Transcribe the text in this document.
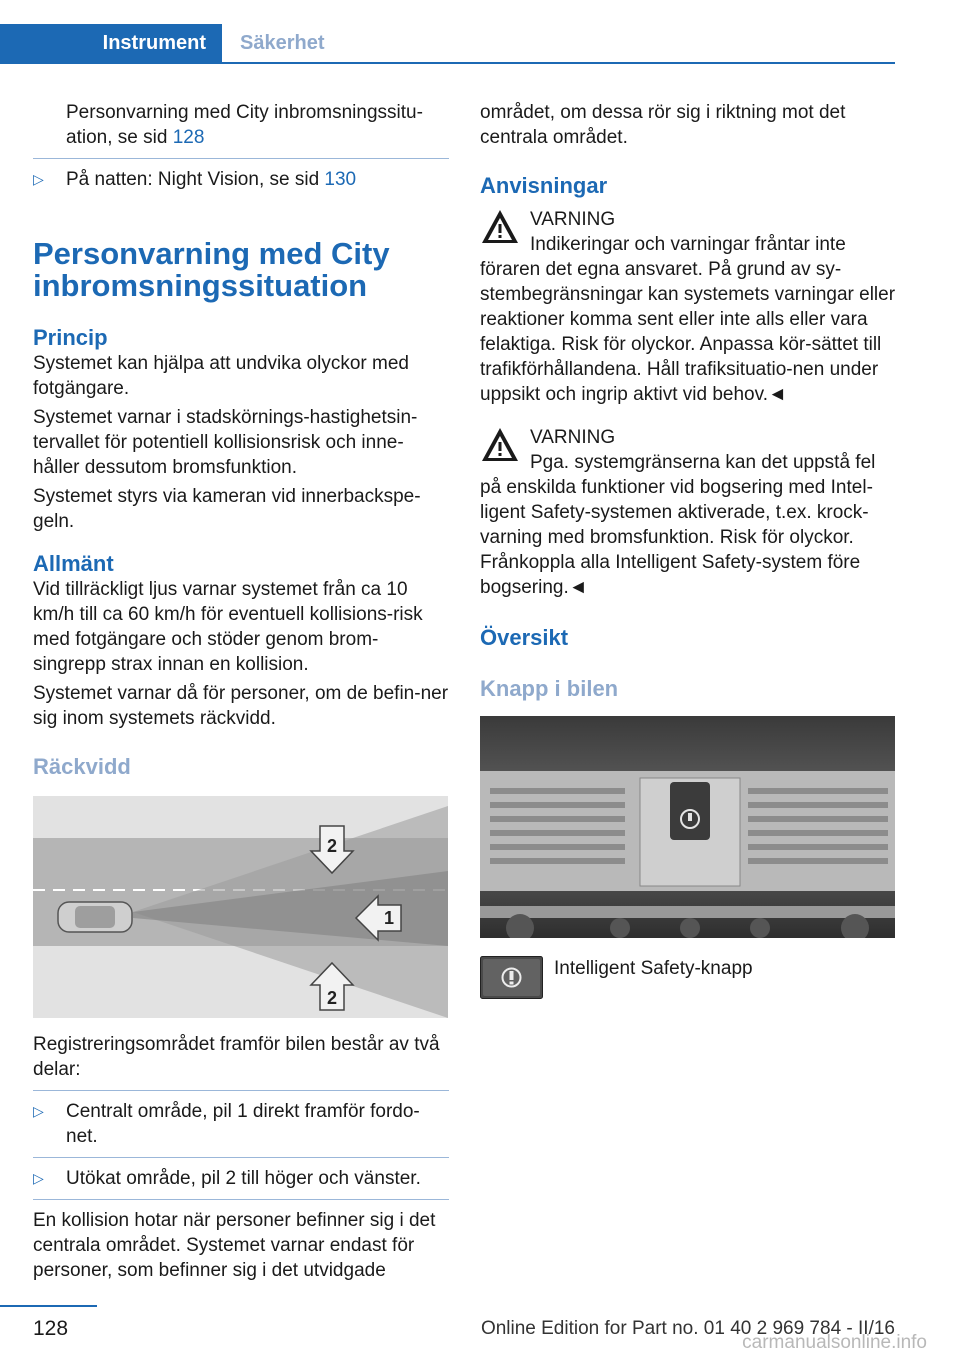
Instrument Säkerhet

Personvarning med City inbromsningssitu-ation, se sid 128

▷ På natten: Night Vision, se sid 130
Personvarning med City inbromsningssituation
Princip

Systemet kan hjälpa att undvika olyckor med fotgängare.

Systemet varnar i stadskörnings-hastighetsin-tervallet för potentiell kollisionsrisk och inne-håller dessutom bromsfunktion.

Systemet styrs via kameran vid innerbackspe-geln.

Allmänt

Vid tillräckligt ljus varnar systemet från ca 10 km/h till ca 60 km/h för eventuell kollisions-risk med fotgängare och stöder genom brom-singrepp strax innan en kollision.

Systemet varnar då för personer, om de befin-ner sig inom systemets räckvidd.

Räckvidd
2
1
2

Registreringsområdet framför bilen består av två delar:

▷ Centralt område, pil 1 direkt framför fordo-net.
▷ Utökat område, pil 2 till höger och vänster.

En kollision hotar när personer befinner sig i det centrala området. Systemet varnar endast för personer, som befinner sig i det utvidgade

området, om dessa rör sig i riktning mot det centrala området.

Anvisningar

VARNING

Indikeringar och varningar fråntar inte

föraren det egna ansvaret. På grund av sy-stembegränsningar kan systemets varningar eller reaktioner komma sent eller inte alls eller vara felaktiga. Risk för olyckor. Anpassa kör-sättet till trafikförhållandena. Håll trafiksituatio-nen under uppsikt och ingrip aktivt vid behov.◄

VARNING

Pga. systemgränserna kan det uppstå fel

på enskilda funktioner vid bogsering med Intel-ligent Safety-systemen aktiverade, t.ex. krock-varning med bromsfunktion. Risk för olyckor. Frånkoppla alla Intelligent Safety-system före bogsering.◄

Översikt
Knapp i bilen

Intelligent Safety-knapp

128	Online Edition for Part no. 01 40 2 969 784 - II/16
carmanualsonline.info
